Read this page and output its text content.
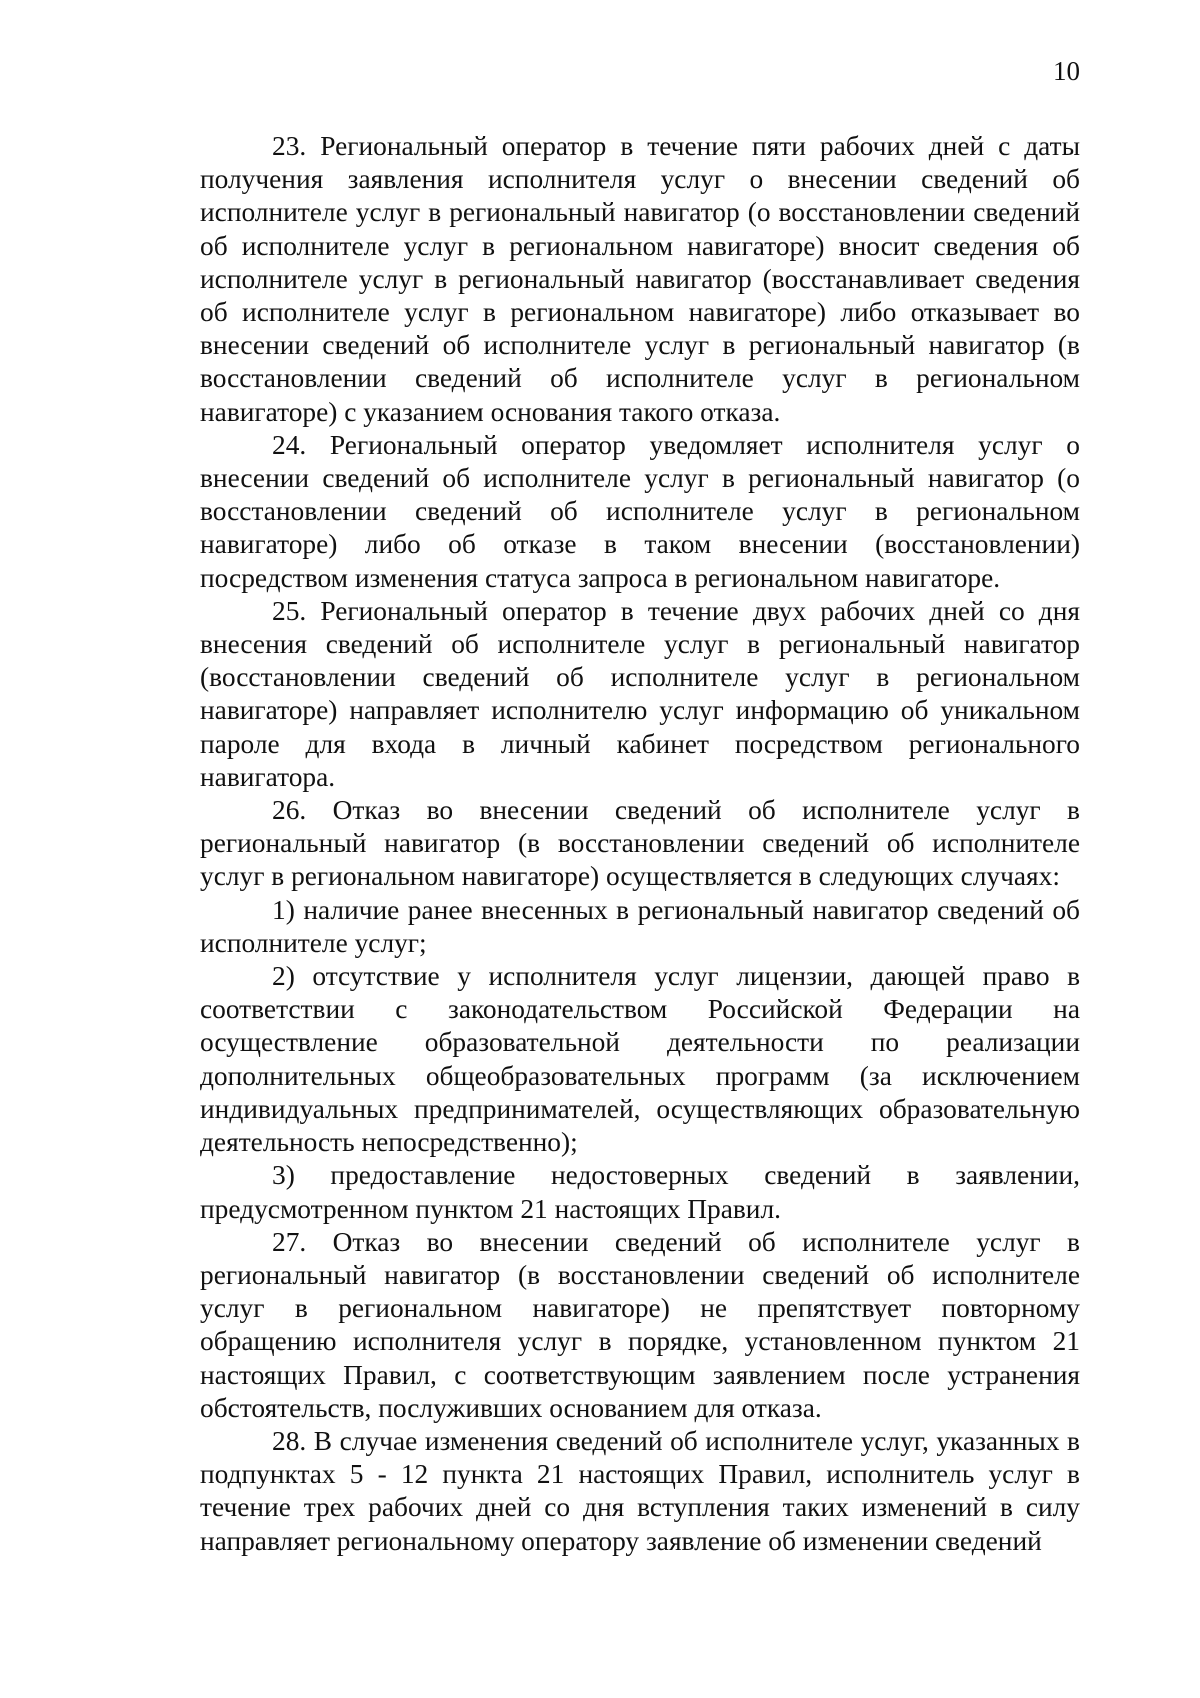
10

23. Региональный оператор в течение пяти рабочих дней с даты получения заявления исполнителя услуг о внесении сведений об исполнителе услуг в региональный навигатор (о восстановлении сведений об исполнителе услуг в региональном навигаторе) вносит сведения об исполнителе услуг в региональный навигатор (восстанавливает сведения об исполнителе услуг в региональном навигаторе) либо отказывает во внесении сведений об исполнителе услуг в региональный навигатор (в восстановлении сведений об исполнителе услуг в региональном навигаторе) с указанием основания такого отказа.

24. Региональный оператор уведомляет исполнителя услуг о внесении сведений об исполнителе услуг в региональный навигатор (о восстановлении сведений об исполнителе услуг в региональном навигаторе) либо об отказе в таком внесении (восстановлении) посредством изменения статуса запроса в региональном навигаторе.

25. Региональный оператор в течение двух рабочих дней со дня внесения сведений об исполнителе услуг в региональный навигатор (восстановлении сведений об исполнителе услуг в региональном навигаторе) направляет исполнителю услуг информацию об уникальном пароле для входа в личный кабинет посредством регионального навигатора.

26. Отказ во внесении сведений об исполнителе услуг в региональный навигатор (в восстановлении сведений об исполнителе услуг в региональном навигаторе) осуществляется в следующих случаях:

1) наличие ранее внесенных в региональный навигатор сведений об исполнителе услуг;

2) отсутствие у исполнителя услуг лицензии, дающей право в соответствии с законодательством Российской Федерации на осуществление образовательной деятельности по реализации дополнительных общеобразовательных программ (за исключением индивидуальных предпринимателей, осуществляющих образовательную деятельность непосредственно);

3) предоставление недостоверных сведений в заявлении, предусмотренном пунктом 21 настоящих Правил.

27. Отказ во внесении сведений об исполнителе услуг в региональный навигатор (в восстановлении сведений об исполнителе услуг в региональном навигаторе) не препятствует повторному обращению исполнителя услуг в порядке, установленном пунктом 21 настоящих Правил, с соответствующим заявлением после устранения обстоятельств, послуживших основанием для отказа.

28. В случае изменения сведений об исполнителе услуг, указанных в подпунктах 5 - 12 пункта 21 настоящих Правил, исполнитель услуг в течение трех рабочих дней со дня вступления таких изменений в силу направляет региональному оператору заявление об изменении сведений
